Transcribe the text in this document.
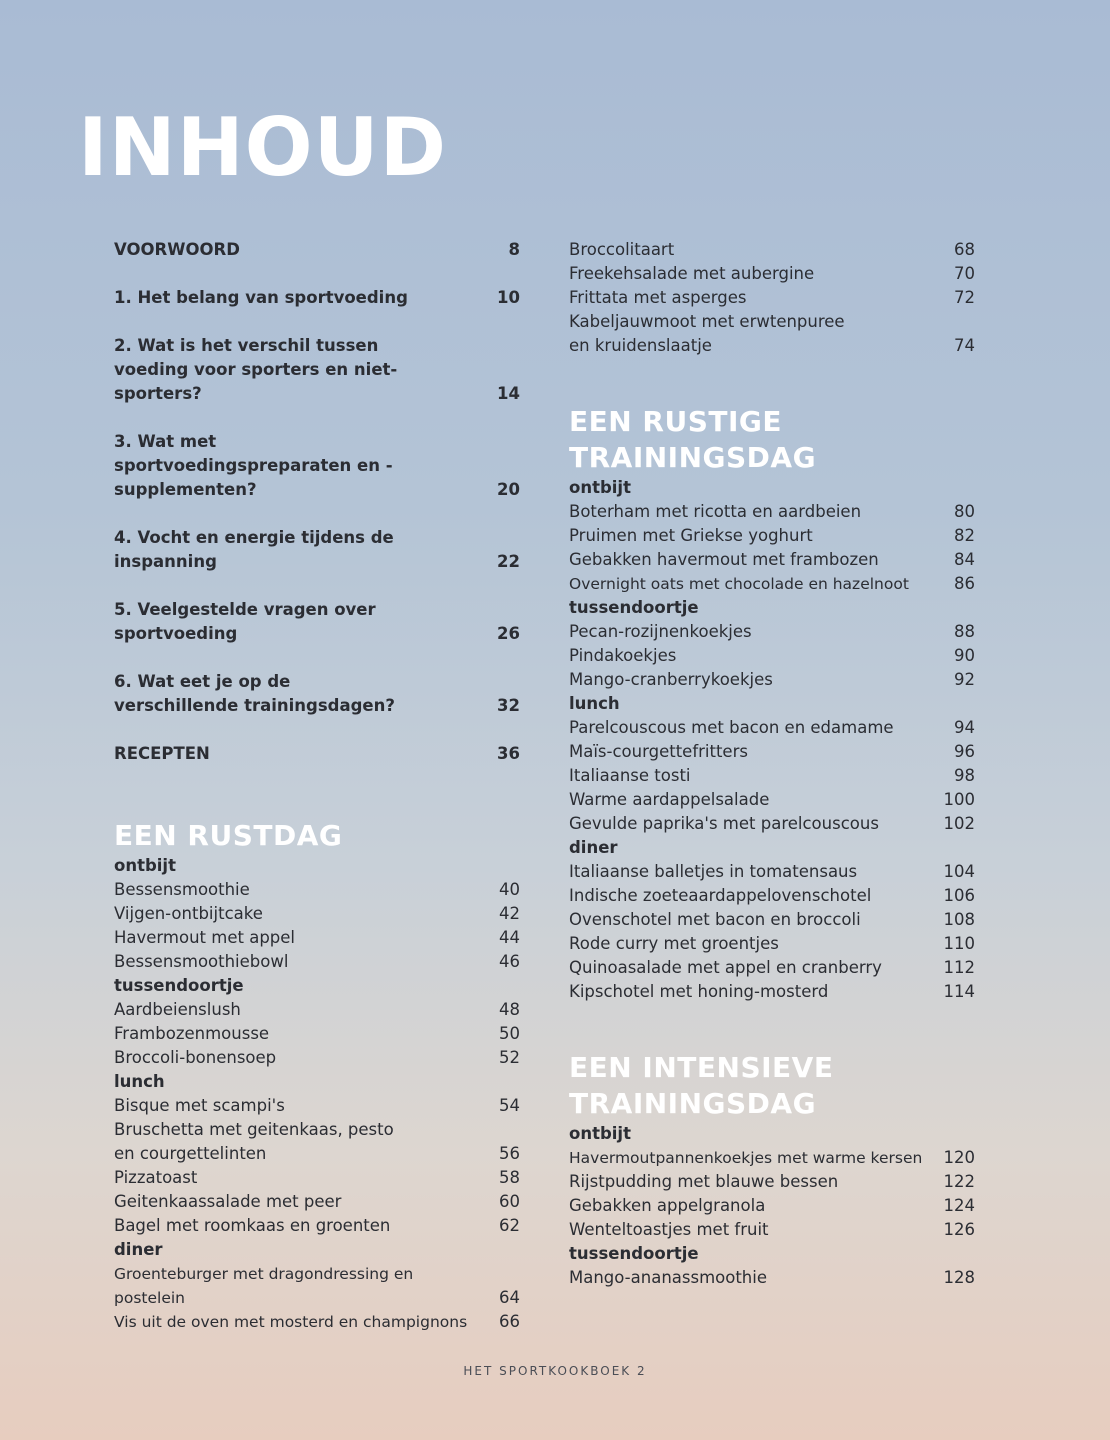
INHOUD
VOORWOORD	8
1. Het belang van sportvoeding	10
2. Wat is het verschil tussen voeding voor sporters en niet-sporters?	14
3. Wat met sportvoedingspreparaten en -supplementen?	20
4. Vocht en energie tijdens de inspanning	22
5. Veelgestelde vragen over sportvoeding	26
6. Wat eet je op de verschillende trainingsdagen?	32
RECEPTEN	36
EEN RUSTDAG
ontbijt
Bessensmoothie	40
Vijgen-ontbijtcake	42
Havermout met appel	44
Bessensmoothiebowl	46
tussendoortje
Aardbeienslush	48
Frambozenmousse	50
Broccoli-bonensoep	52
lunch
Bisque met scampi's	54
Bruschetta met geitenkaas, pesto en courgettelinten	56
Pizzatoast	58
Geitenkaassalade met peer	60
Bagel met roomkaas en groenten	62
diner
Groenteburger met dragondressing en postelein	64
Vis uit de oven met mosterd en champignons	66
Broccolitaart	68
Freekehsalade met aubergine	70
Frittata met asperges	72
Kabeljauwmoot met erwtenpuree en kruidenslaatje	74
EEN RUSTIGE
TRAININGSDAG
ontbijt
Boterham met ricotta en aardbeien	80
Pruimen met Griekse yoghurt	82
Gebakken havermout met frambozen	84
Overnight oats met chocolade en hazelnoot	86
tussendoortje
Pecan-rozijnenkoekjes	88
Pindakoekjes	90
Mango-cranberrykoekjes	92
lunch
Parelcouscous met bacon en edamame	94
Maïs-courgettefritters	96
Italiaanse tosti	98
Warme aardappelsalade	100
Gevulde paprika's met parelcouscous	102
diner
Italiaanse balletjes in tomatensaus	104
Indische zoeteaardappelovenschotel	106
Ovenschotel met bacon en broccoli	108
Rode curry met groentjes	110
Quinoasalade met appel en cranberry	112
Kipschotel met honing-mosterd	114
EEN INTENSIEVE
TRAININGSDAG
ontbijt
Havermoutpannenkoekjes met warme kersen	120
Rijstpudding met blauwe bessen	122
Gebakken appelgranola	124
Wenteltoastjes met fruit	126
tussendoortje
Mango-ananassmoothie	128
HET SPORTKOOKBOEK 2
